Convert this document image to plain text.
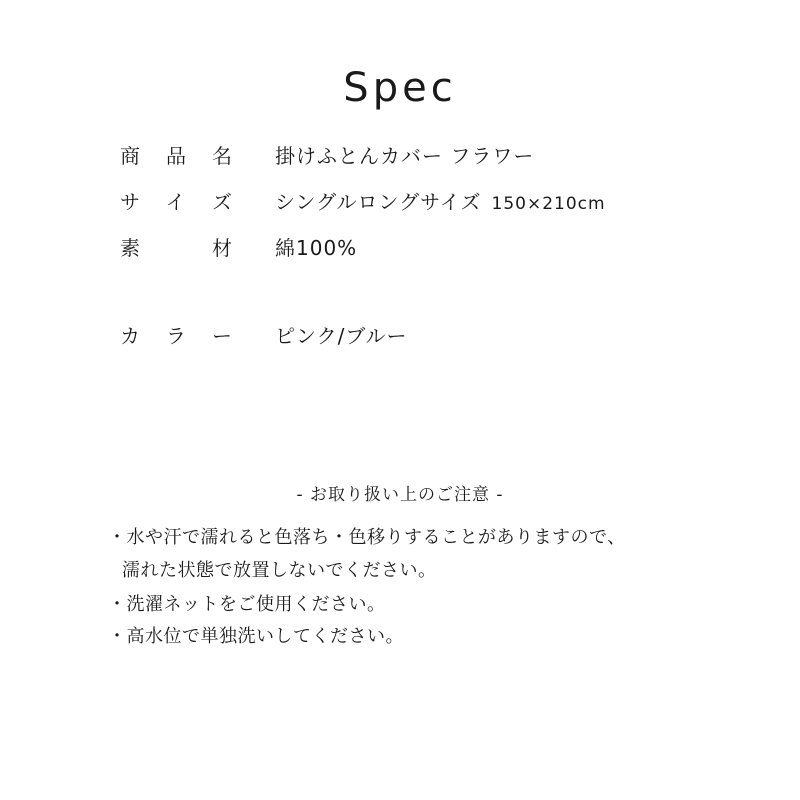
Spec
商品名 掛けふとんカバー フラワー
サイズ シングルロングサイズ 150×210cm
素材 綿100%
カラー ピンク/ブルー
- お取り扱い上のご注意 -
・水や汗で濡れると色落ち・色移りすることがありますので、
濡れた状態で放置しないでください。
・洗濯ネットをご使用ください。
・高水位で単独洗いしてください。
